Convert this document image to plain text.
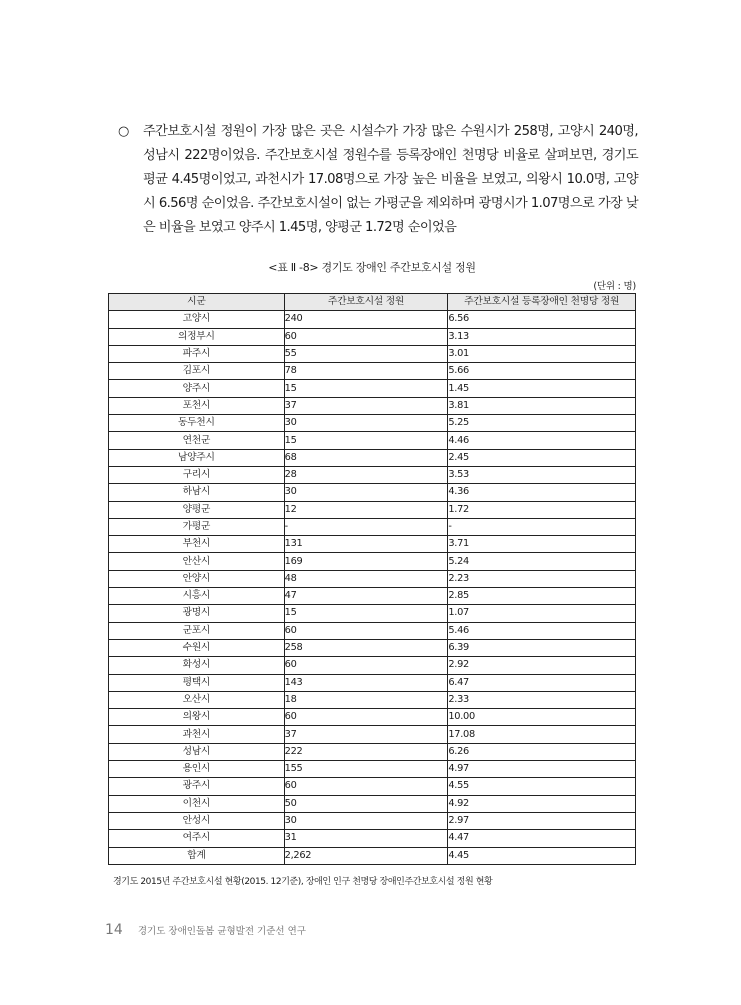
○	주간보호시설 정원이 가장 많은 곳은 시설수가 가장 많은 수원시가 258명, 고양시 240명, 성남시 222명이었음. 주간보호시설 정원수를 등록장애인 천명당 비율로 살펴보면, 경기도 평균 4.45명이었고, 과천시가 17.08명으로 가장 높은 비율을 보였고, 의왕시 10.0명, 고양시 6.56명 순이었음. 주간보호시설이 없는 가평군을 제외하며 광명시가 1.07명으로 가장 낮은 비율을 보였고 양주시 1.45명, 양평군 1.72명 순이었음
<표 Ⅱ -8> 경기도 장애인 주간보호시설 정원
(단위 : 명)
시군	주간보호시설 정원	주간보호시설 등록장애인 천명당 정원
고양시	240	6.56
의정부시	60	3.13
파주시	55	3.01
김포시	78	5.66
양주시	15	1.45
포천시	37	3.81
동두천시	30	5.25
연천군	15	4.46
남양주시	68	2.45
구리시	28	3.53
하남시	30	4.36
양평군	12	1.72
가평군	-	-
부천시	131	3.71
안산시	169	5.24
안양시	48	2.23
시흥시	47	2.85
광명시	15	1.07
군포시	60	5.46
수원시	258	6.39
화성시	60	2.92
평택시	143	6.47
오산시	18	2.33
의왕시	60	10.00
과천시	37	17.08
성남시	222	6.26
용인시	155	4.97
광주시	60	4.55
이천시	50	4.92
안성시	30	2.97
여주시	31	4.47
합계	2,262	4.45
경기도 2015년 주간보호시설 현황(2015. 12기준), 장애인 인구 천명당 장애인주간보호시설 정원 현황
14 경기도 장애인돌봄 균형발전 기준선 연구
